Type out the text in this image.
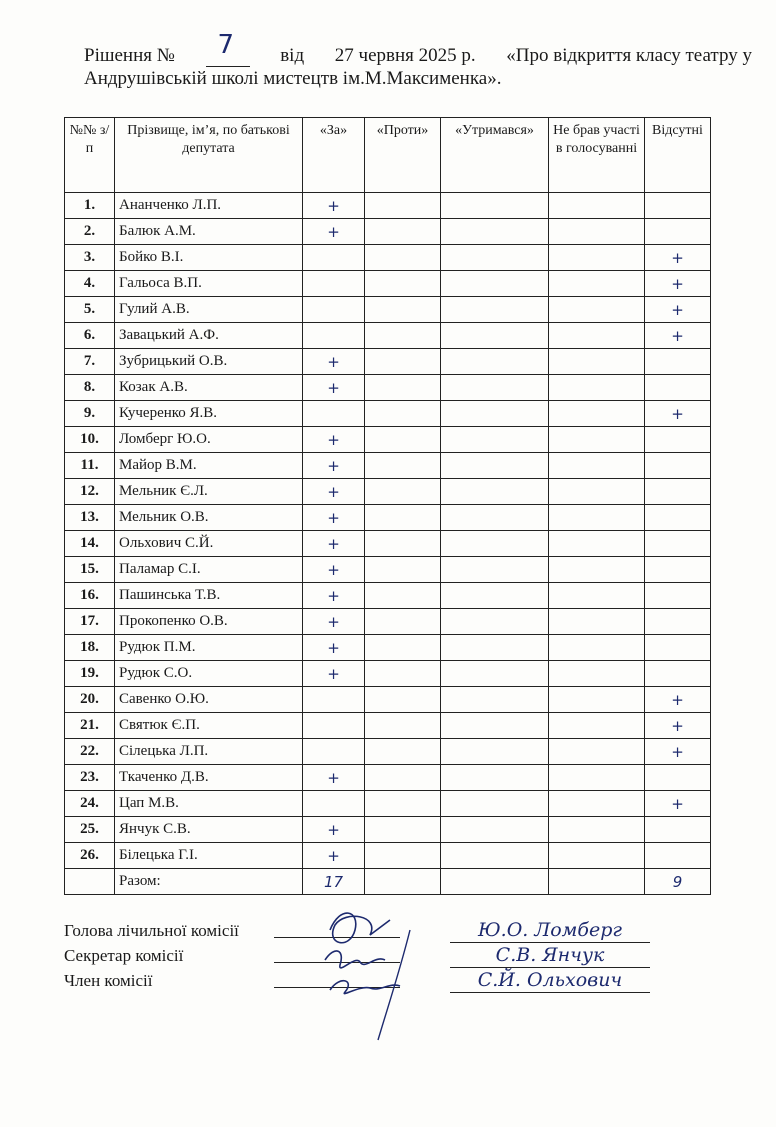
Рішення № 7 від 27 червня 2025 р. «Про відкриття класу театру у
Андрушівській школі мистецтв ім.М.Максименка».
№№ з/п	Прізвище, ім’я, по батькові депутата	«За»	«Проти»	«Утримався»	Не брав участі в голосуванні	Відсутні
1.	Ананченко Л.П.	+				
2.	Балюк А.М.	+				
3.	Бойко В.І.					+
4.	Гальоса В.П.					+
5.	Гулий А.В.					+
6.	Завацький А.Ф.					+
7.	Зубрицький О.В.	+				
8.	Козак А.В.	+				
9.	Кучеренко Я.В.					+
10.	Ломберг Ю.О.	+				
11.	Майор В.М.	+				
12.	Мельник Є.Л.	+				
13.	Мельник О.В.	+				
14.	Ольхович С.Й.	+				
15.	Паламар С.І.	+				
16.	Пашинська Т.В.	+				
17.	Прокопенко О.В.	+				
18.	Рудюк П.М.	+				
19.	Рудюк С.О.	+				
20.	Савенко О.Ю.					+
21.	Святюк Є.П.					+
22.	Сілецька Л.П.					+
23.	Ткаченко Д.В.	+				
24.	Цап М.В.					+
25.	Янчук С.В.	+				
26.	Білецька Г.І.	+				
	Разом:	17				9
Голова лічильної комісії	Ю.О. Ломберг
Секретар комісії	С.В. Янчук
Член комісії	С.Й. Ольхович
